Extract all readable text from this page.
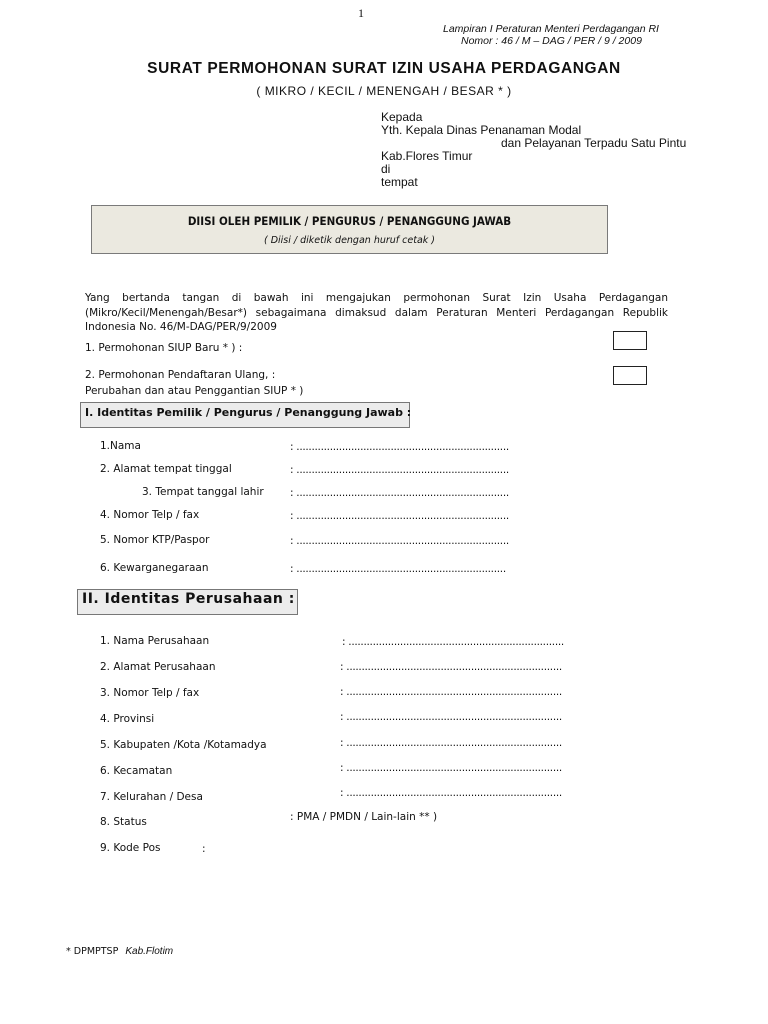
1
Lampiran I Peraturan Menteri Perdagangan RI
Nomor : 46 / M – DAG / PER / 9 / 2009
SURAT PERMOHONAN SURAT IZIN USAHA PERDAGANGAN
( MIKRO / KECIL / MENENGAH / BESAR * )
Kepada
Yth. Kepala Dinas Penanaman Modal
dan Pelayanan Terpadu Satu Pintu
Kab.Flores Timur
di
tempat
DIISI OLEH PEMILIK / PENGURUS / PENANGGUNG JAWAB
( Diisi / diketik dengan huruf cetak )
Yang bertanda tangan di bawah ini mengajukan permohonan Surat Izin Usaha Perdagangan (Mikro/Kecil/Menengah/Besar*) sebagaimana dimaksud dalam Peraturan Menteri Perdagangan Republik Indonesia No. 46/M-DAG/PER/9/2009
1. Permohonan SIUP Baru * ) :
2. Permohonan Pendaftaran Ulang, :
Perubahan dan atau Penggantian SIUP * )
I. Identitas Pemilik / Pengurus / Penanggung Jawab :
1.Nama	: ......................................................................
2. Alamat tempat tinggal	: ......................................................................
3. Tempat tanggal lahir	: ......................................................................
4. Nomor Telp / fax	: ......................................................................
5. Nomor KTP/Paspor	: ......................................................................
6. Kewarganegaraan	: .....................................................................
II. Identitas Perusahaan :
1. Nama Perusahaan	: .......................................................................
2. Alamat Perusahaan	: .......................................................................
3. Nomor Telp / fax	: .......................................................................
4. Provinsi	: .......................................................................
5. Kabupaten /Kota /Kotamadya	: .......................................................................
6. Kecamatan	: .......................................................................
7. Kelurahan / Desa	: .......................................................................
8. Status	: PMA / PMDN / Lain-lain ** )
9. Kode Pos	:
* DPMPTSP Kab.Flotim
